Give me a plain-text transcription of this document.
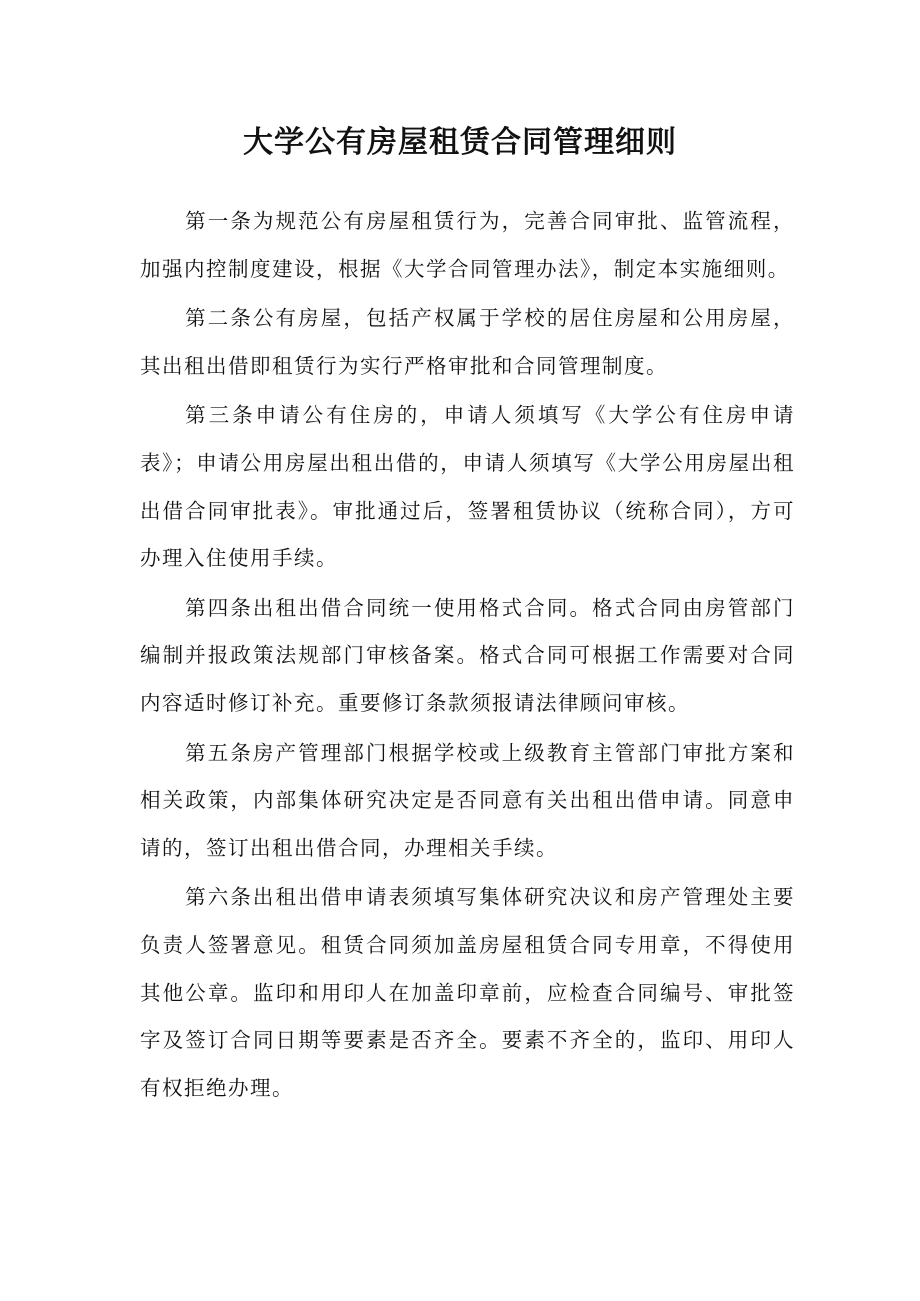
大学公有房屋租赁合同管理细则

第一条为规范公有房屋租赁行为，完善合同审批、监管流程，加强内控制度建设，根据《大学合同管理办法》，制定本实施细则。

第二条公有房屋，包括产权属于学校的居住房屋和公用房屋，其出租出借即租赁行为实行严格审批和合同管理制度。

第三条申请公有住房的，申请人须填写《大学公有住房申请表》；申请公用房屋出租出借的，申请人须填写《大学公用房屋出租出借合同审批表》。审批通过后，签署租赁协议（统称合同），方可办理入住使用手续。

第四条出租出借合同统一使用格式合同。格式合同由房管部门编制并报政策法规部门审核备案。格式合同可根据工作需要对合同内容适时修订补充。重要修订条款须报请法律顾问审核。

第五条房产管理部门根据学校或上级教育主管部门审批方案和相关政策，内部集体研究决定是否同意有关出租出借申请。同意申请的，签订出租出借合同，办理相关手续。

第六条出租出借申请表须填写集体研究决议和房产管理处主要负责人签署意见。租赁合同须加盖房屋租赁合同专用章，不得使用其他公章。监印和用印人在加盖印章前，应检查合同编号、审批签字及签订合同日期等要素是否齐全。要素不齐全的，监印、用印人有权拒绝办理。
